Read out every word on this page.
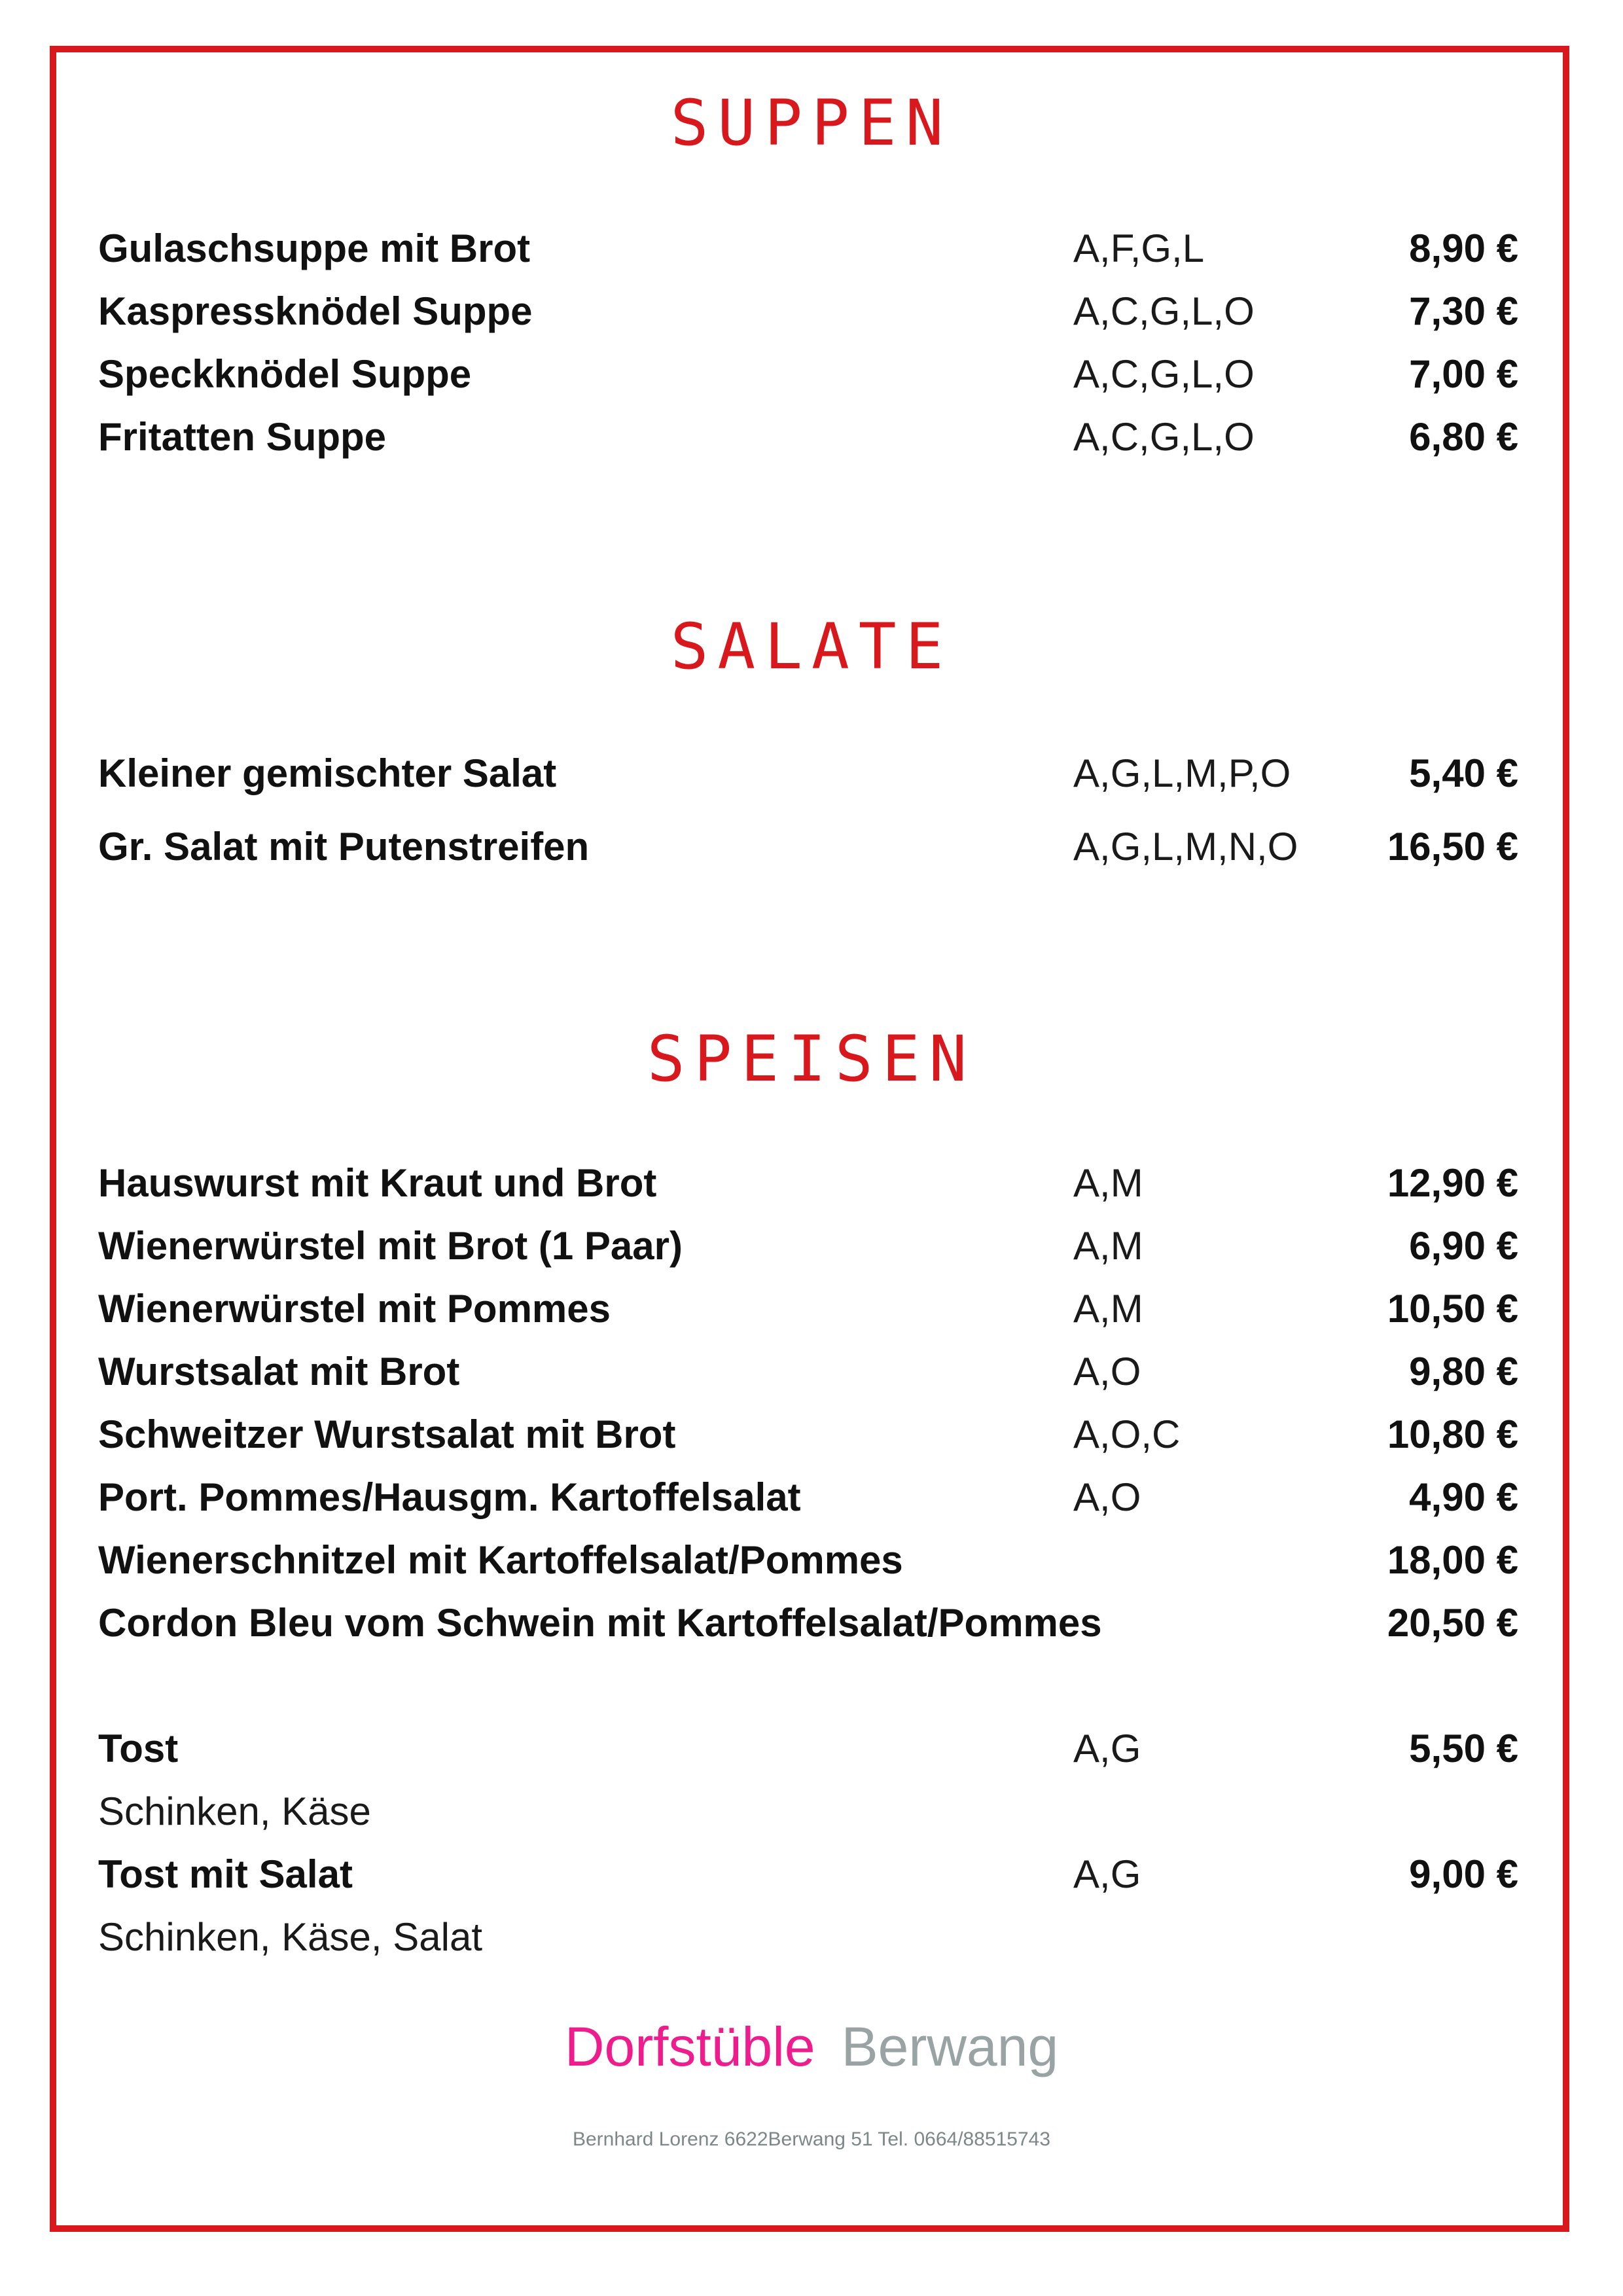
SUPPEN
Gulaschsuppe mit Brot	A,F,G,L	8,90 €
Kaspressknödel Suppe	A,C,G,L,O	7,30 €
Speckknödel Suppe	A,C,G,L,O	7,00 €
Fritatten Suppe	A,C,G,L,O	6,80 €
SALATE
Kleiner gemischter Salat	A,G,L,M,P,O	5,40 €
Gr. Salat mit Putenstreifen	A,G,L,M,N,O 16,50 €
SPEISEN
Hauswurst mit Kraut und Brot	A,M	12,90 €
Wienerwürstel mit Brot (1 Paar)	A,M	6,90 €
Wienerwürstel mit Pommes	A,M	10,50 €
Wurstsalat mit Brot	A,O	9,80 €
Schweitzer Wurstsalat mit Brot	A,O,C	10,80 €
Port. Pommes/Hausgm. Kartoffelsalat	A,O	4,90 €
Wienerschnitzel mit Kartoffelsalat/Pommes	18,00 €
Cordon Bleu vom Schwein mit Kartoffelsalat/Pommes	20,50 €
Tost	A,G	5,50 €
Schinken, Käse
Tost mit Salat	A,G	9,00 €
Schinken, Käse, Salat
Dorfstüble Berwang
Bernhard Lorenz 6622Berwang 51 Tel. 0664/88515743
